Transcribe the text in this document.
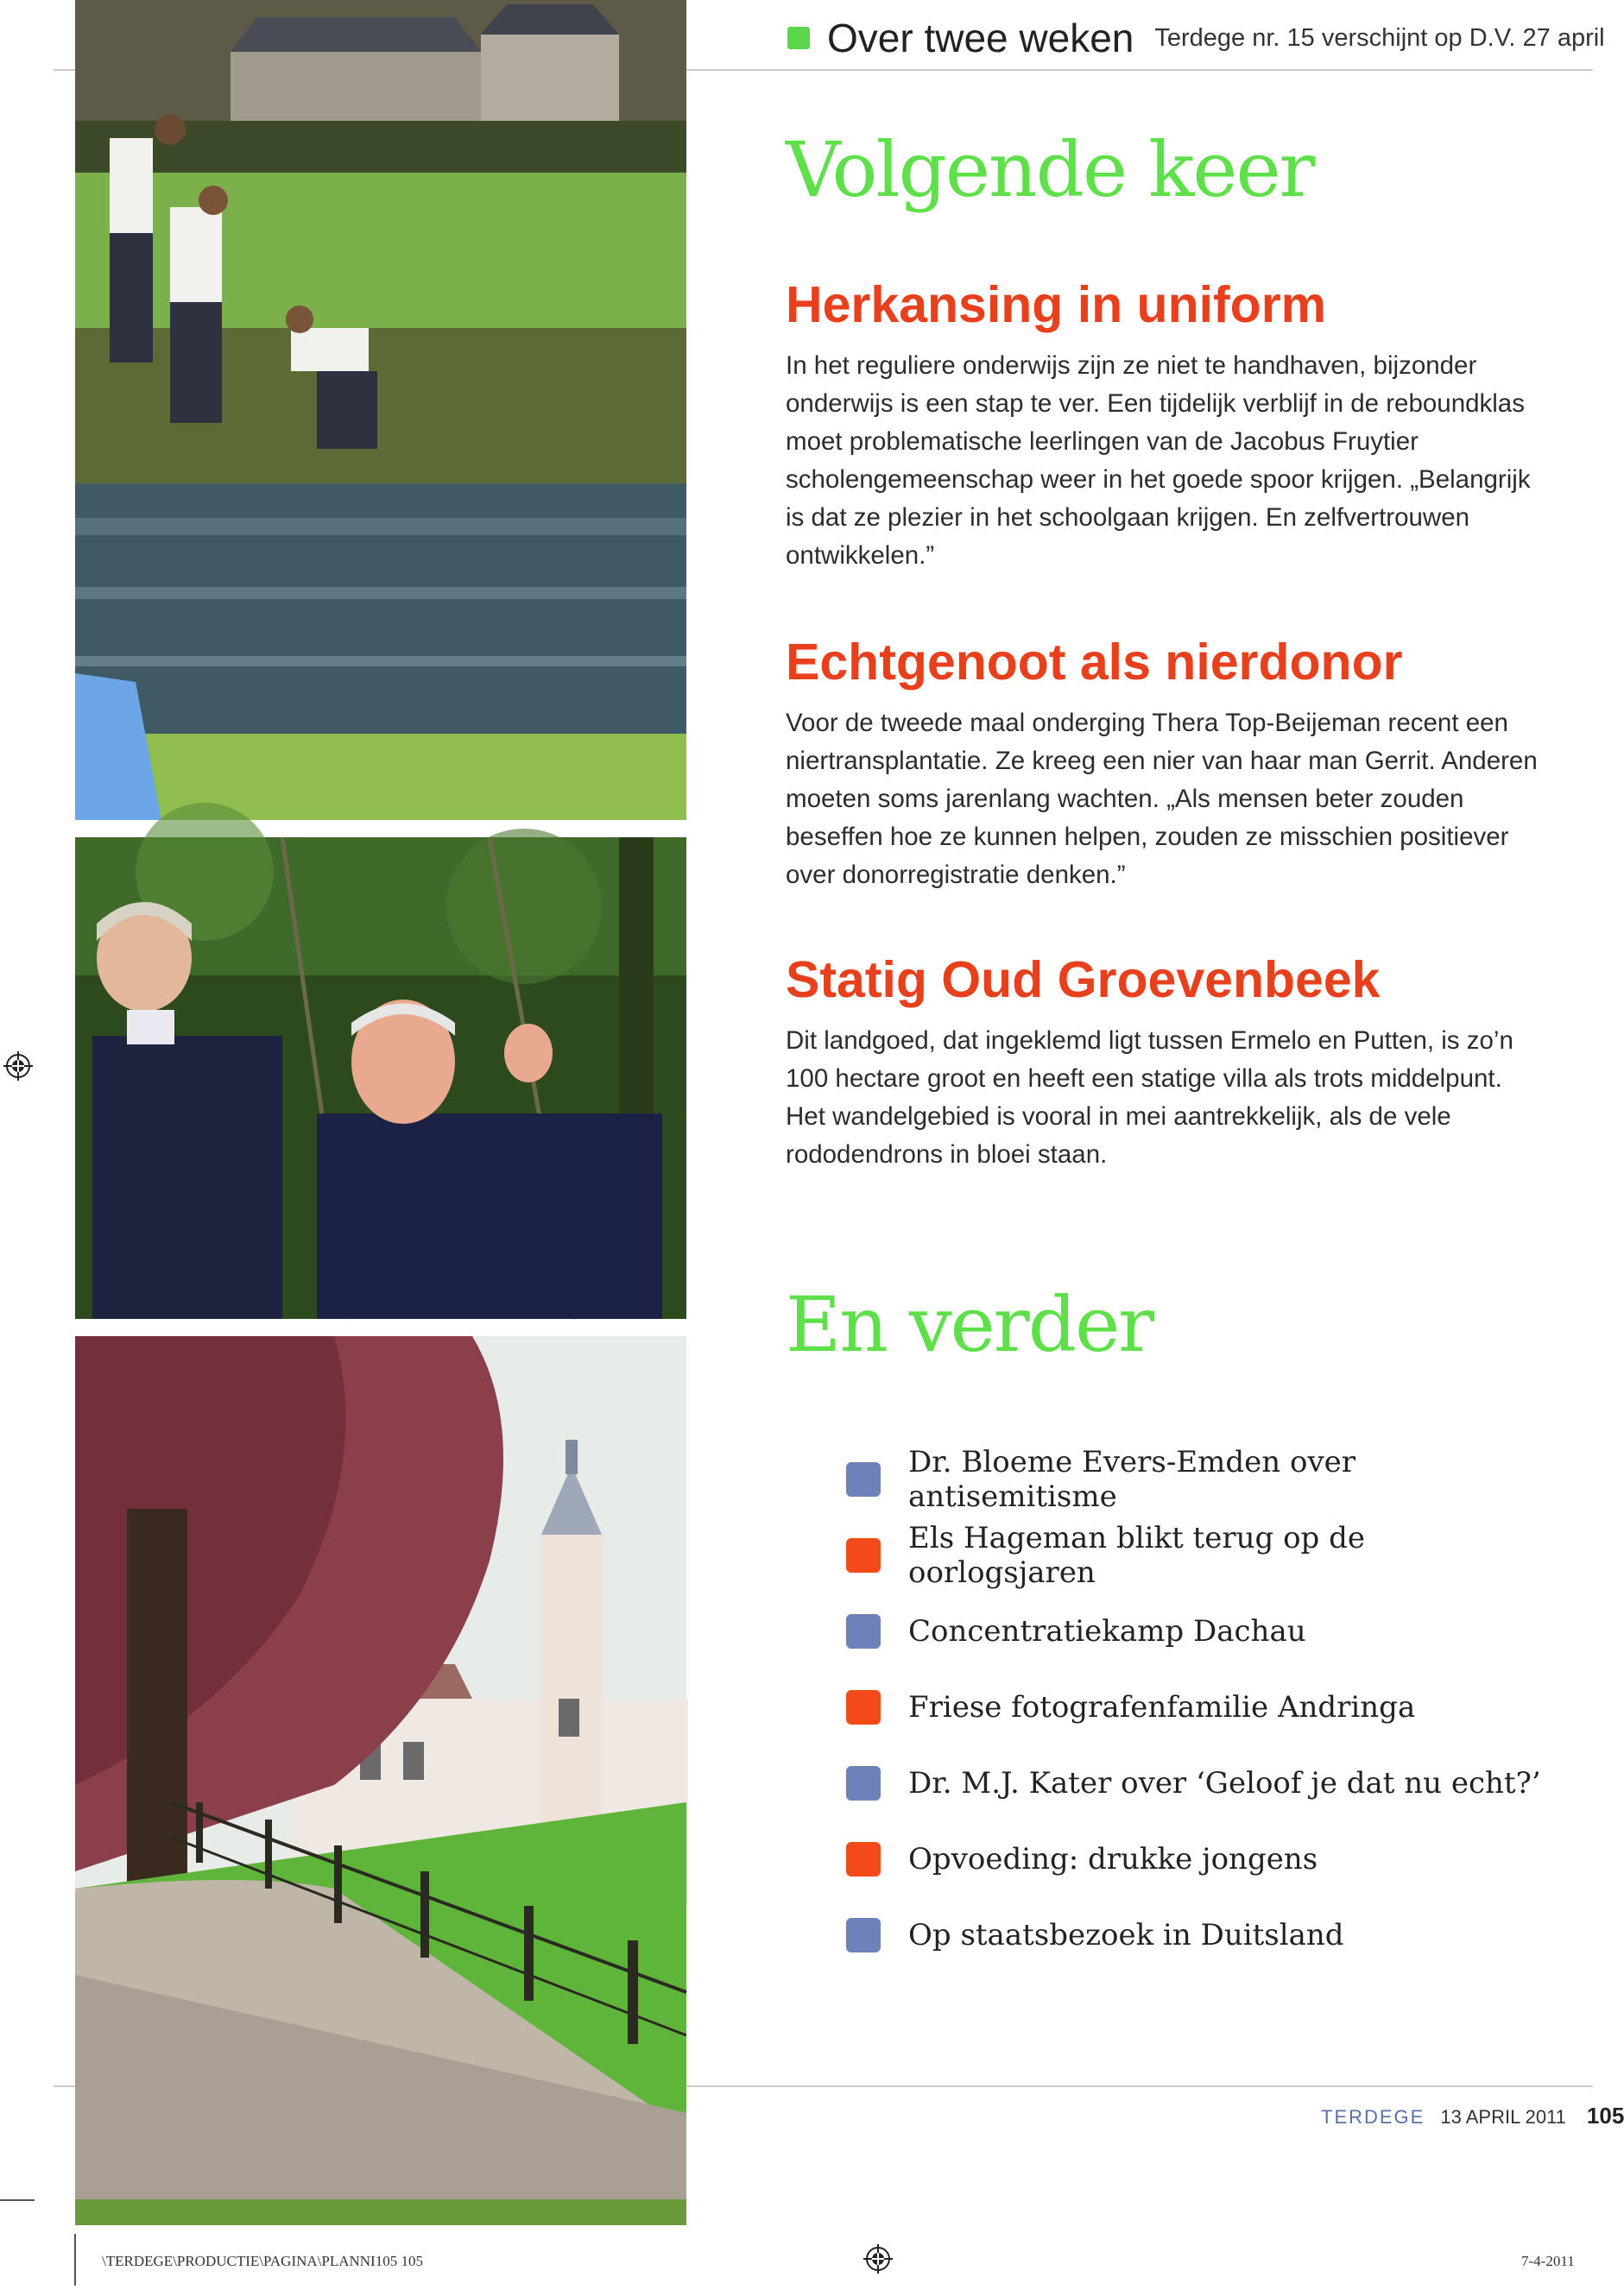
Over twee weken Terdege nr. 15 verschijnt op D.V. 27 april
Volgende keer
Herkansing in uniform

In het reguliere onderwijs zijn ze niet te handhaven, bijzonder onderwijs is een stap te ver. Een tijdelijk verblijf in de reboundklas moet problematische leerlingen van de Jacobus Fruytier scholengemeenschap weer in het goede spoor krijgen. „Belangrijk is dat ze plezier in het schoolgaan krijgen. En zelfvertrouwen ontwikkelen.”

Echtgenoot als nierdonor

Voor de tweede maal onderging Thera Top-Beijeman recent een niertransplantatie. Ze kreeg een nier van haar man Gerrit. Anderen moeten soms jarenlang wachten. „Als mensen beter zouden beseffen hoe ze kunnen helpen, zouden ze misschien positiever over donorregistratie denken.”

Statig Oud Groevenbeek

Dit landgoed, dat ingeklemd ligt tussen Ermelo en Putten, is zo’n 100 hectare groot en heeft een statige villa als trots middelpunt. Het wandelgebied is vooral in mei aantrekkelijk, als de vele rododendrons in bloei staan.

En verder
Dr. Bloeme Evers-Emden over antisemitisme
Els Hageman blikt terug op de oorlogsjaren
Concentratiekamp Dachau
Friese fotografenfamilie Andringa
Dr. M.J. Kater over ‘Geloof je dat nu echt?’
Opvoeding: drukke jongens
Op staatsbezoek in Duitsland
TERDEGE 13 APRIL 2011 105
\TERDEGE\PRODUCTIE\PAGINA\PLANNI105 105	7-4-2011
